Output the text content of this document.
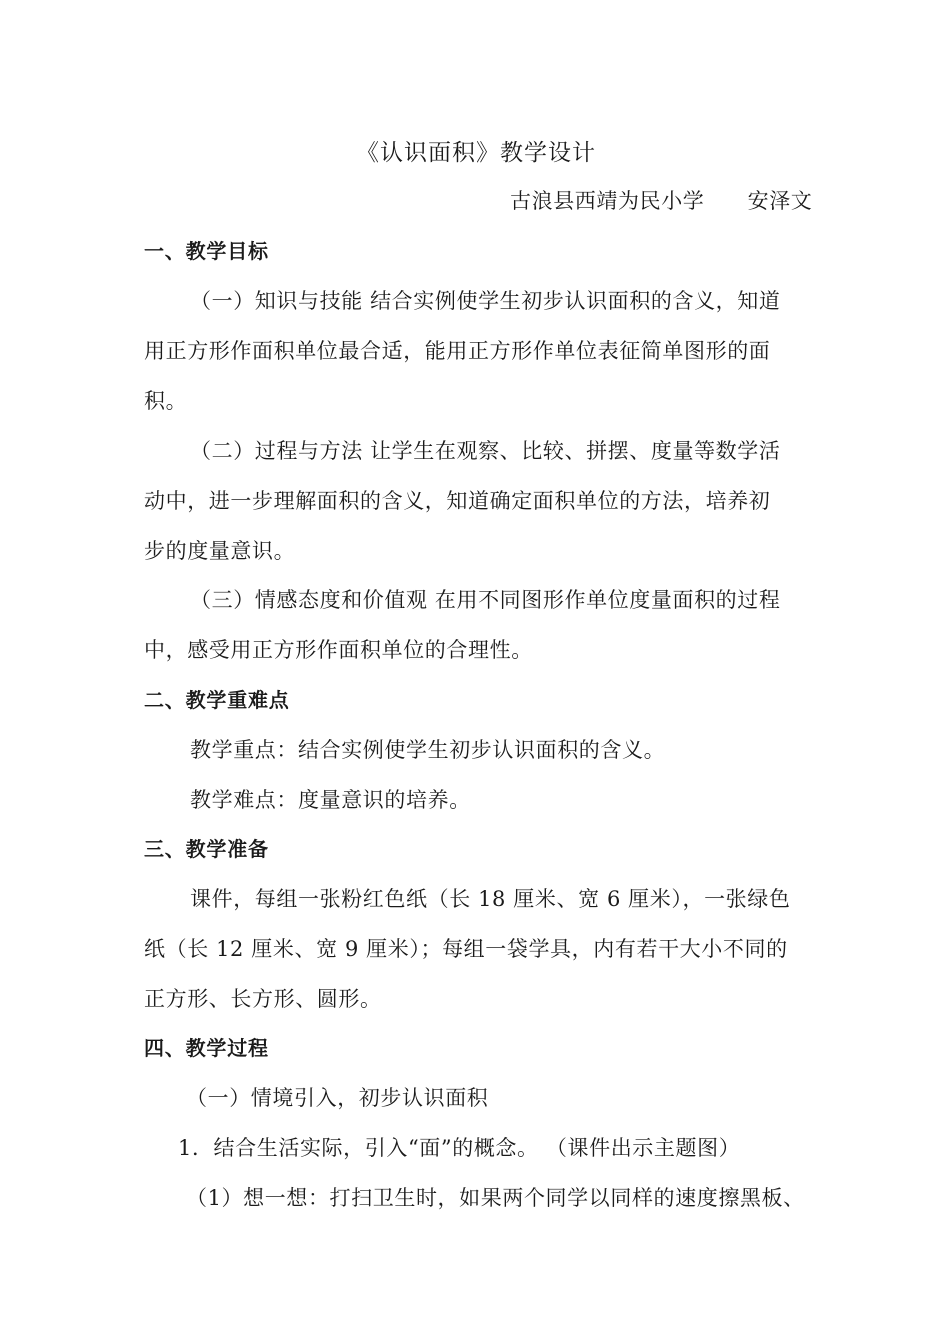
《认识面积》教学设计
古浪县西靖为民小学　　安泽文
一、教学目标
（一）知识与技能 结合实例使学生初步认识面积的含义，知道
用正方形作面积单位最合适，能用正方形作单位表征简单图形的面
积。
（二）过程与方法 让学生在观察、比较、拼摆、度量等数学活
动中，进一步理解面积的含义，知道确定面积单位的方法，培养初
步的度量意识。
（三）情感态度和价值观 在用不同图形作单位度量面积的过程
中，感受用正方形作面积单位的合理性。
二、教学重难点
教学重点：结合实例使学生初步认识面积的含义。
教学难点：度量意识的培养。
三、教学准备
课件，每组一张粉红色纸（长 18 厘米、宽 6 厘米），一张绿色
纸（长 12 厘米、宽 9 厘米）；每组一袋学具，内有若干大小不同的
正方形、长方形、圆形。
四、教学过程
（一）情境引入，初步认识面积
1．结合生活实际，引入“面”的概念。 （课件出示主题图）
（1）想一想：打扫卫生时，如果两个同学以同样的速度擦黑板、
